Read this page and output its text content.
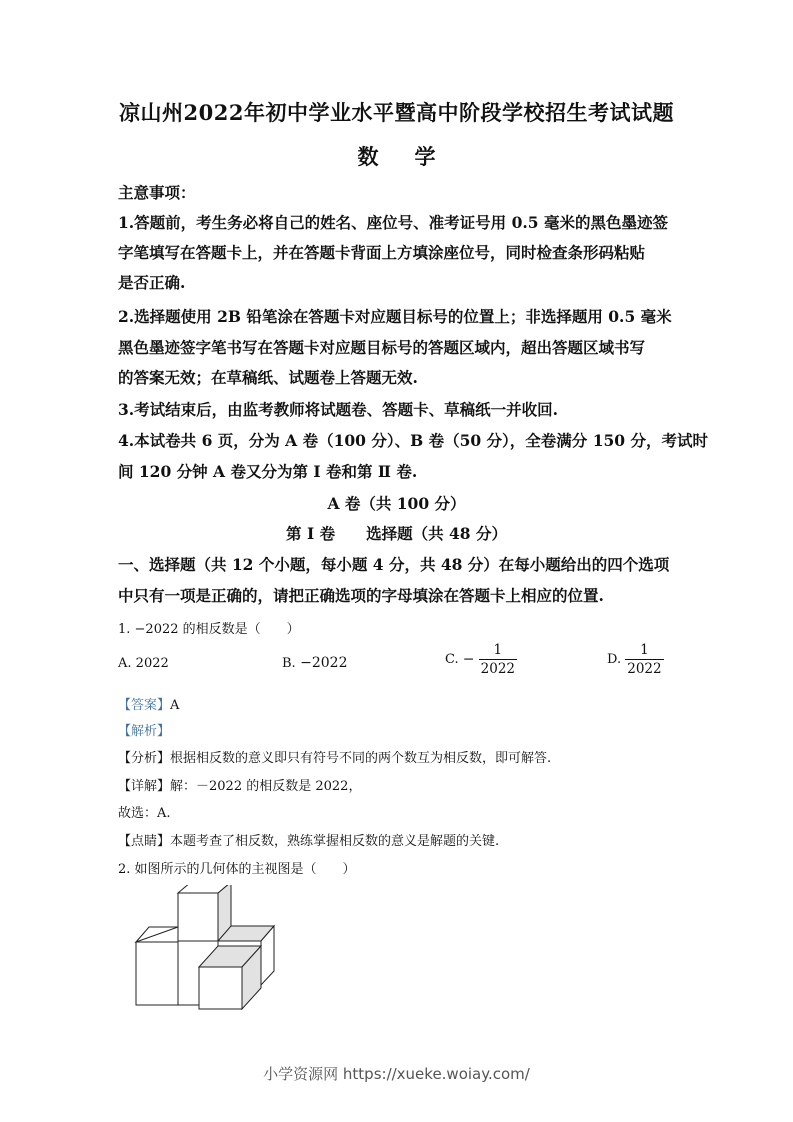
凉山州2022年初中学业水平暨高中阶段学校招生考试试题
数 学
主意事项：
1.答题前，考生务必将自己的姓名、座位号、准考证号用 0.5 毫米的黑色墨迹签
字笔填写在答题卡上，并在答题卡背面上方填涂座位号，同时检查条形码粘贴
是否正确.
2.选择题使用 2B 铅笔涂在答题卡对应题目标号的位置上；非选择题用 0.5 毫米
黑色墨迹签字笔书写在答题卡对应题目标号的答题区域内，超出答题区域书写
的答案无效；在草稿纸、试题卷上答题无效.
3.考试结束后，由监考教师将试题卷、答题卡、草稿纸一并收回.
4.本试卷共 6 页，分为 A 卷（100 分）、B 卷（50 分），全卷满分 150 分，考试时
间 120 分钟 A 卷又分为第 I 卷和第 Ⅱ 卷.
A 卷（共 100 分）
第 I 卷　　选择题（共 48 分）
一、选择题（共 12 个小题，每小题 4 分，共 48 分）在每小题给出的四个选项
中只有一项是正确的，请把正确选项的字母填涂在答题卡上相应的位置.
1. −2022 的相反数是（　　）
A. 2022	B. −2022	C. − $\frac{1}{2022}$	D. $\frac{1}{2022}$
【答案】A
【解析】
【分析】根据相反数的意义即只有符号不同的两个数互为相反数，即可解答.
【详解】解：－2022 的相反数是 2022，
故选：A.
【点睛】本题考查了相反数，熟练掌握相反数的意义是解题的关键.
2. 如图所示的几何体的主视图是（　　）
小学资源网 https://xueke.woiay.com/
